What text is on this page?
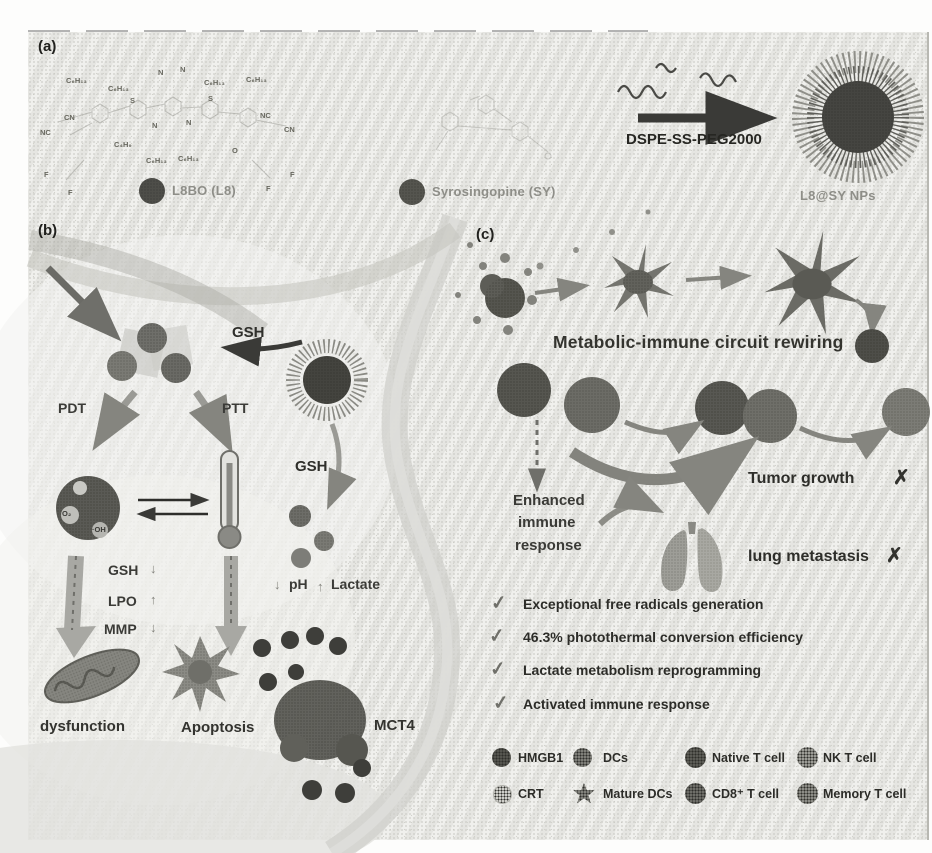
(a)
(b)	(c)
C₆H₁₃
C₆H₁₃
N N
C₆H₁₃	C₆H₁₃
S	S
CN
NC
N	N
NC
CN
C₄H₉
C₆H₁₃ C₆H₁₃
O
F	F
F	F
L8BO (L8)	Syrosingopine (SY)
DSPE-SS-PEG2000
L8@SY NPs
GSH
PDT	PTT
GSH
O₂
·OH
GSH ↓
LPO ↑
MMP ↓
↓ pH ↑ Lactate
dysfunction	Apoptosis	MCT4
Metabolic-immune circuit rewiring
Enhanced
immune
response
Tumor growth ✗
lung metastasis ✗
✓ Exceptional free radicals generation
✓ 46.3% photothermal conversion efficiency
✓ Lactate metabolism reprogramming
✓ Activated immune response
HMGB1	DCs	Native T cell	NK T cell
CRT	Mature DCs	CD8⁺ T cell	Memory T cell
